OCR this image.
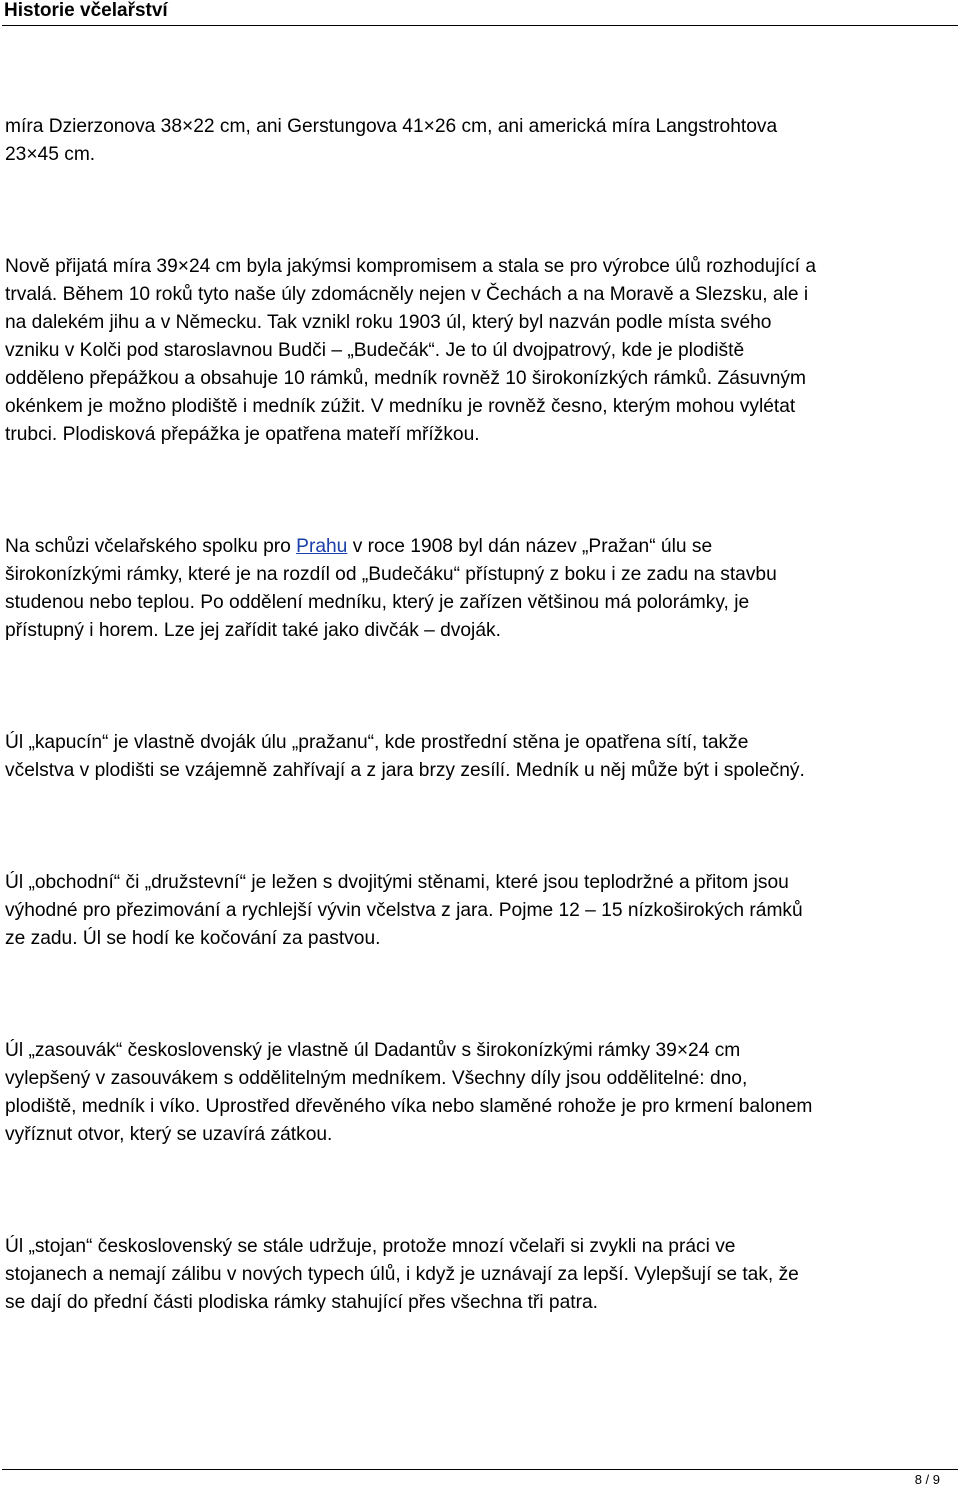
Historie včelařství

míra Dzierzonova 38×22 cm, ani Gerstungova 41×26 cm, ani americká míra Langstrohtova
23×45 cm.

Nově přijatá míra 39×24 cm byla jakýmsi kompromisem a stala se pro výrobce úlů rozhodující a
trvalá. Během 10 roků tyto naše úly zdomácněly nejen v Čechách a na Moravě a Slezsku, ale i
na dalekém jihu a v Německu. Tak vznikl roku 1903 úl, který byl nazván podle místa svého
vzniku v Kolči pod staroslavnou Budči – „Budečák“. Je to úl dvojpatrový, kde je plodiště
odděleno přepážkou a obsahuje 10 rámků, medník rovněž 10 širokonízkých rámků. Zásuvným
okénkem je možno plodiště i medník zúžit. V medníku je rovněž česno, kterým mohou vylétat
trubci. Plodisková přepážka je opatřena mateří mřížkou.

Na schůzi včelařského spolku pro Prahu v roce 1908 byl dán název „Pražan“ úlu se
širokonízkými rámky, které je na rozdíl od „Budečáku“ přístupný z boku i ze zadu na stavbu
studenou nebo teplou. Po oddělení medníku, který je zařízen většinou má polorámky, je
přístupný i horem. Lze jej zařídit také jako divčák – dvoják.

Úl „kapucín“ je vlastně dvoják úlu „pražanu“, kde prostřední stěna je opatřena sítí, takže
včelstva v plodišti se vzájemně zahřívají a z jara brzy zesílí. Medník u něj může být i společný.

Úl „obchodní“ či „družstevní“ je ležen s dvojitými stěnami, které jsou teplodržné a přitom jsou
výhodné pro přezimování a rychlejší vývin včelstva z jara. Pojme 12 – 15 nízkoširokých rámků
ze zadu. Úl se hodí ke kočování za pastvou.

Úl „zasouvák“ československý je vlastně úl Dadantův s širokonízkými rámky 39×24 cm
vylepšený v zasouvákem s oddělitelným medníkem. Všechny díly jsou oddělitelné: dno,
plodiště, medník i víko. Uprostřed dřevěného víka nebo slaměné rohože je pro krmení balonem
vyříznut otvor, který se uzavírá zátkou.

Úl „stojan“ československý se stále udržuje, protože mnozí včelaři si zvykli na práci ve
stojanech a nemají zálibu v nových typech úlů, i když je uznávají za lepší. Vylepšují se tak, že
se dají do přední části plodiska rámky stahující přes všechna tři patra.

8 / 9
